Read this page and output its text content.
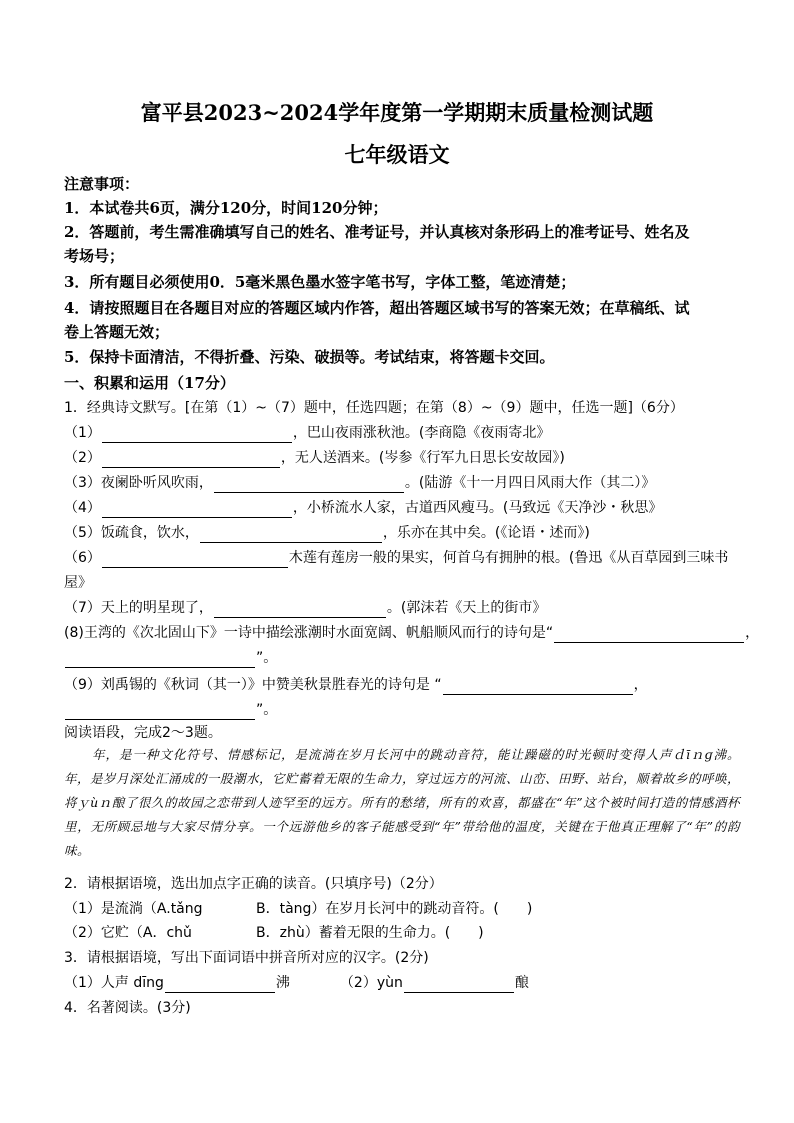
富平县2023~2024学年度第一学期期末质量检测试题
七年级语文
注意事项：
1．本试卷共6页，满分120分，时间120分钟；
2．答题前，考生需准确填写自己的姓名、准考证号，并认真核对条形码上的准考证号、姓名及
考场号；
3．所有题目必须使用0．5毫米黑色墨水签字笔书写，字体工整，笔迹清楚；
4．请按照题目在各题目对应的答题区域内作答，超出答题区域书写的答案无效；在草稿纸、试
卷上答题无效；
5．保持卡面清洁，不得折叠、污染、破损等。考试结束，将答题卡交回。
一、积累和运用（17分）
1．经典诗文默写。[在第（1）~（7）题中，任选四题；在第（8）~（9）题中，任选一题]（6分）
（1）	，巴山夜雨涨秋池。(李商隐《夜雨寄北》
（2）	，无人送酒来。(岑参《行军九日思长安故园》)
（3）夜阑卧听风吹雨，	。(陆游《十一月四日风雨大作（其二）》
（4）	，小桥流水人家，古道西风瘦马。(马致远《天净沙・秋思》
（5）饭疏食，饮水，	，乐亦在其中矣。(《论语・述而》)
（6）	木莲有莲房一般的果实，何首乌有拥肿的根。(鲁迅《从百草园到三味书
屋》
（7）天上的明星现了，	。(郭沫若《天上的街市》
(8)王湾的《次北固山下》一诗中描绘涨潮时水面宽阔、帆船顺风而行的诗句是“	，
”。
（9）刘禹锡的《秋词（其一）》中赞美秋景胜春光的诗句是 “	，
”。
阅读语段，完成2～3题。
年，是一种文化符号、情感标记，是流淌在岁月长河中的跳动音符，能让躁磁的时光顿时变得人声ｄīｎɡ沸。年，是岁月深处汇涌成的一股潮水，它贮蓄着无限的生命力，穿过远方的河流、山峦、田野、站台，顺着故乡的呼唤，将ｙùｎ酿了很久的故园之恋带到人迹罕至的远方。所有的愁绪，所有的欢喜，都盛在“年”这个被时间打造的情感酒杯里，无所顾忌地与大家尽情分享。一个远游他乡的客子能感受到“年”带给他的温度，关键在于他真正理解了“年”的韵味。
2．请根据语境，选出加点字正确的读音。(只填序号)（2分）
（1）是流淌（A.tǎng	B．tàng）在岁月长河中的跳动音符。(　　)
（2）它贮（A．chǔ	B．zhù）蓄着无限的生命力。(　　)
3．请根据语境，写出下面词语中拼音所对应的汉字。(2分)
（1）人声 dīng	沸	（2）yùn	酿
4．名著阅读。(3分)
